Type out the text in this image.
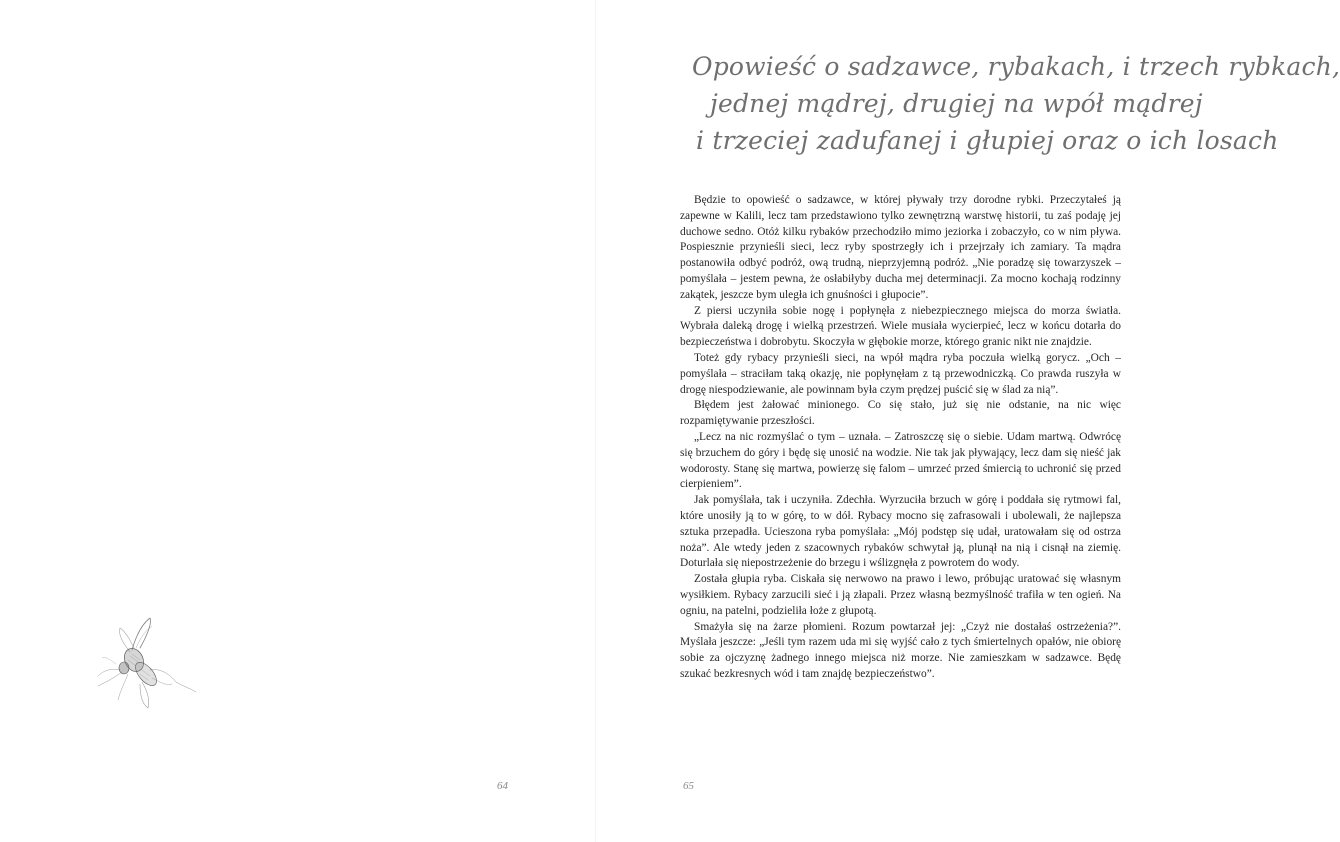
64
Opowieść o sadzawce, rybakach, i trzech rybkach,
jednej mądrej, drugiej na wpół mądrej
i trzeciej zadufanej i głupiej oraz o ich losach

Będzie to opowieść o sadzawce, w której pływały trzy dorodne rybki. Przeczytałeś ją zapewne w Kalili, lecz tam przedstawiono tylko zewnętrzną warstwę historii, tu zaś podaję jej duchowe sedno. Otóż kilku rybaków przechodziło mimo jeziorka i zobaczyło, co w nim pływa. Pospiesznie przynieśli sieci, lecz ryby spostrzegły ich i przejrzały ich zamiary. Ta mądra postanowiła odbyć podróż, ową trudną, nieprzyjemną podróż. „Nie poradzę się towarzyszek – pomyślała – jestem pewna, że osłabiłyby ducha mej determinacji. Za mocno kochają rodzinny zakątek, jeszcze bym uległa ich gnuśności i głupocie”.

Z piersi uczyniła sobie nogę i popłynęła z niebezpiecznego miejsca do morza światła. Wybrała daleką drogę i wielką przestrzeń. Wiele musiała wycierpieć, lecz w końcu dotarła do bezpieczeństwa i dobrobytu. Skoczyła w głębokie morze, którego granic nikt nie znajdzie.

Toteż gdy rybacy przynieśli sieci, na wpół mądra ryba poczuła wielką gorycz. „Och – pomyślała – straciłam taką okazję, nie popłynęłam z tą przewodniczką. Co prawda ruszyła w drogę niespodziewanie, ale powinnam była czym prędzej puścić się w ślad za nią”.

Błędem jest żałować minionego. Co się stało, już się nie odstanie, na nic więc rozpamiętywanie przeszłości.

„Lecz na nic rozmyślać o tym – uznała. – Zatroszczę się o siebie. Udam martwą. Odwrócę się brzuchem do góry i będę się unosić na wodzie. Nie tak jak pływający, lecz dam się nieść jak wodorosty. Stanę się martwa, powierzę się falom – umrzeć przed śmiercią to uchronić się przed cierpieniem”.

Jak pomyślała, tak i uczyniła. Zdechła. Wyrzuciła brzuch w górę i poddała się rytmowi fal, które unosiły ją to w górę, to w dół. Rybacy mocno się zafrasowali i ubolewali, że najlepsza sztuka przepadła. Ucieszona ryba pomyślała: „Mój podstęp się udał, uratowałam się od ostrza noża”. Ale wtedy jeden z szacownych rybaków schwytał ją, plunął na nią i cisnął na ziemię. Doturlała się niepostrzeżenie do brzegu i wślizgnęła z powrotem do wody.

Została głupia ryba. Ciskała się nerwowo na prawo i lewo, próbując uratować się własnym wysiłkiem. Rybacy zarzucili sieć i ją złapali. Przez własną bezmyślność trafiła w ten ogień. Na ogniu, na patelni, podzieliła łoże z głupotą.

Smażyła się na żarze płomieni. Rozum powtarzał jej: „Czyż nie dostałaś ostrzeżenia?”. Myślała jeszcze: „Jeśli tym razem uda mi się wyjść cało z tych śmiertelnych opałów, nie obiorę sobie za ojczyznę żadnego innego miejsca niż morze. Nie zamieszkam w sadzawce. Będę szukać bezkresnych wód i tam znajdę bezpieczeństwo”.

65
